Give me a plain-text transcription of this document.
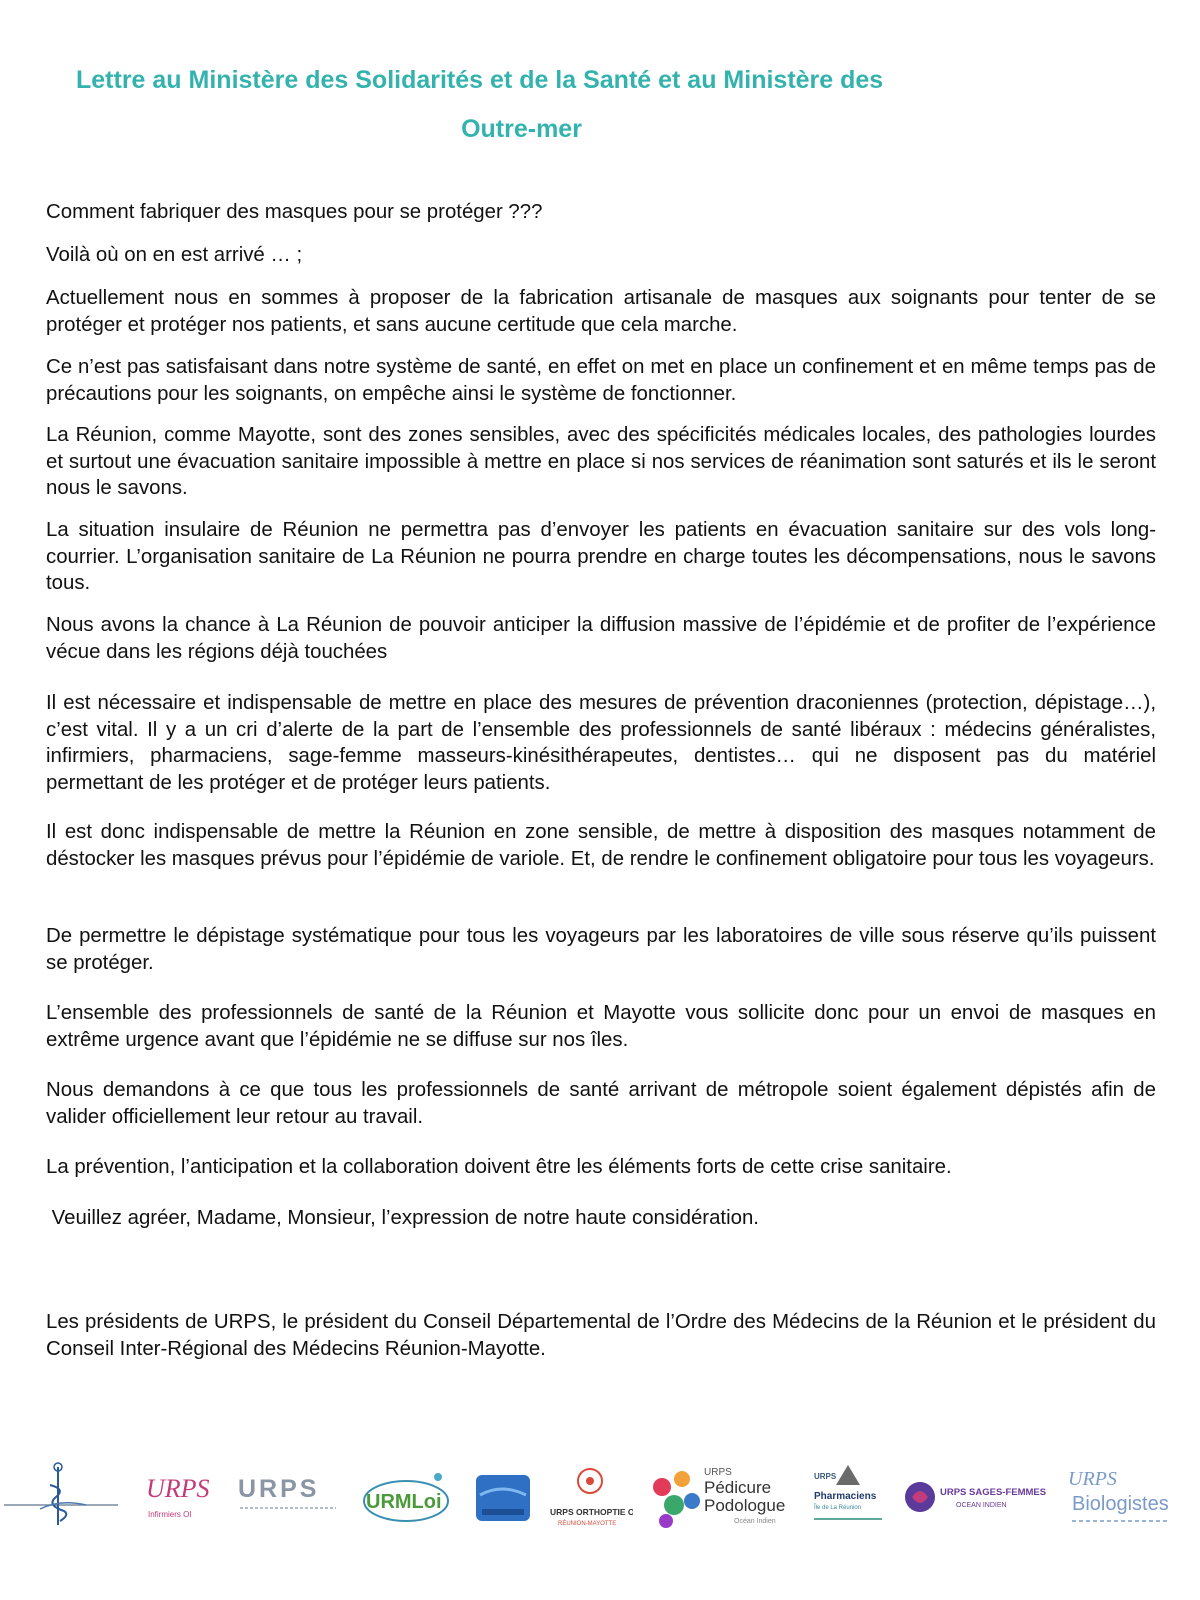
Lettre au Ministère des Solidarités et de la Santé et au Ministère des
Outre-mer

Comment fabriquer des masques pour se protéger ???

Voilà où on en est arrivé … ;

Actuellement nous en sommes à proposer de la fabrication artisanale de masques aux soignants pour tenter de se protéger et protéger nos patients, et sans aucune certitude que cela marche.

Ce n’est pas satisfaisant dans notre système de santé, en effet on met en place un confinement et en même temps pas de précautions pour les soignants, on empêche ainsi le système de fonctionner.

La Réunion, comme Mayotte, sont des zones sensibles, avec des spécificités médicales locales, des pathologies lourdes et surtout une évacuation sanitaire impossible à mettre en place si nos services de réanimation sont saturés et ils le seront nous le savons.

La situation insulaire de Réunion ne permettra pas d’envoyer les patients en évacuation sanitaire sur des vols long-courrier. L’organisation sanitaire de La Réunion ne pourra prendre en charge toutes les décompensations, nous le savons tous.

Nous avons la chance à La Réunion de pouvoir anticiper la diffusion massive de l’épidémie et de profiter de l’expérience vécue dans les régions déjà touchées

Il est nécessaire et indispensable de mettre en place des mesures de prévention draconiennes (protection, dépistage…), c’est vital. Il y a un cri d’alerte de la part de l’ensemble des professionnels de santé libéraux : médecins généralistes, infirmiers, pharmaciens, sage-femme masseurs-kinésithérapeutes, dentistes… qui ne disposent pas du matériel permettant de les protéger et de protéger leurs patients.

Il est donc indispensable de mettre la Réunion en zone sensible, de mettre à disposition des masques notamment de déstocker les masques prévus pour l’épidémie de variole. Et, de rendre le confinement obligatoire pour tous les voyageurs.

De permettre le dépistage systématique pour tous les voyageurs par les laboratoires de ville sous réserve qu’ils puissent se protéger.

L’ensemble des professionnels de santé de la Réunion et Mayotte vous sollicite donc pour un envoi de masques en extrême urgence avant que l’épidémie ne se diffuse sur nos îles.

Nous demandons à ce que tous les professionnels de santé arrivant de métropole soient également dépistés afin de valider officiellement leur retour au travail.

La prévention, l’anticipation et la collaboration doivent être les éléments forts de cette crise sanitaire.

Veuillez agréer, Madame, Monsieur, l’expression de notre haute considération.

Les présidents de URPS, le président du Conseil Départemental de l’Ordre des Médecins de la Réunion et le président du Conseil Inter-Régional des Médecins Réunion-Mayotte.

URPS
Infirmiers OI
URPS URMLoi	URPS ORTHOPTIE OI
RÉUNION-MAYOTTE
URPS
Pédicure
Podologue
Océan Indien
URPS
Pharmaciens
Île de La Réunion
URPS SAGES-FEMMES
OCEAN INDIEN
URPS
Biologistes
